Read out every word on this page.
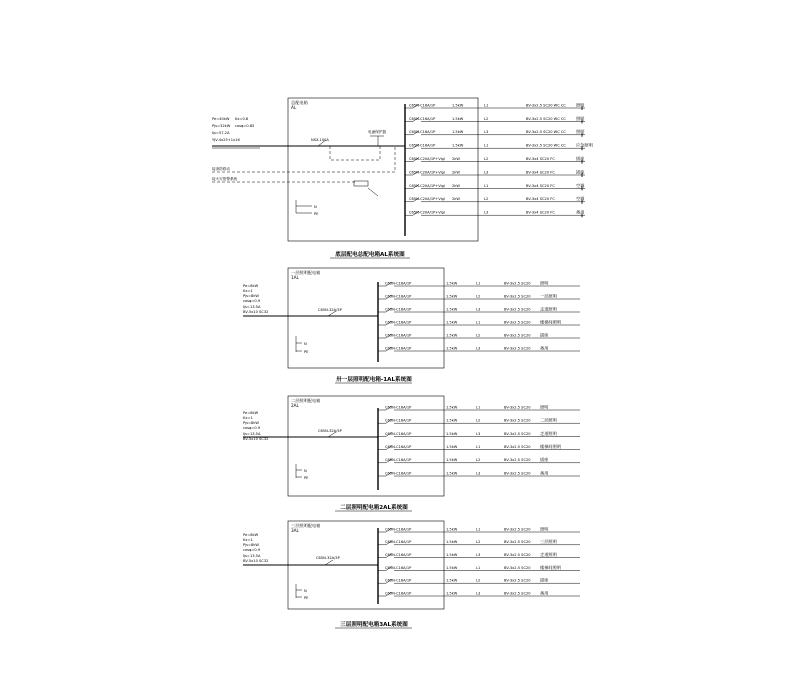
总配电箱
AL
Pe=40kW Kx=0.8
Pjs=32kW cosφ=0.85
Ijs=57.2A
YJV-4x25+1x16	NSX-100A
电涌保护器
接消防联动
接火灾报警系统
N
PE
C65N-C16A/1P	1.5kW	L1	BV-3x2.5 SC20 WC CC 照明
C65N-C16A/1P	1.5kW	L2	BV-3x2.5 SC20 WC CC 照明
C65N-C16A/1P	1.5kW	L3	BV-3x2.5 SC20 WC CC 照明
C65N-C16A/1P	1.5kW	L1	BV-3x2.5 SC20 WC CC 应急照明
C65N-C20A/1P+Vigi 2kW	L2	BV-3x4 SC20 FC	插座
C65N-C20A/1P+Vigi 2kW	L3	BV-3x4 SC20 FC	插座
C65N-C20A/1P+Vigi 2kW	L1	BV-3x4 SC20 FC	空调
C65N-C20A/1P+Vigi 2kW	L2	BV-3x4 SC20 FC	空调
C65N-C20A/1P+Vigi	L3	BV-3x4 SC20 FC	备用
底层配电总配电箱AL系统图
一层照明配电箱
1AL
Pe=8kW
Kx=1
Pjs=8kW
cosφ=0.9
Ijs=13.5A
BV-5x10 SC32	C65N-32A/3P
N
PE
C65N-C16A/1P	1.5kW	L1	BV-3x2.5 SC20 照明
C65N-C16A/1P	1.5kW	L2	BV-3x2.5 SC20 一层照明
C65N-C16A/1P	1.5kW	L3	BV-3x2.5 SC20 走道照明
C65N-C16A/1P	1.5kW	L1	BV-3x2.5 SC20 楼梯间照明
C65N-C16A/1P	1.5kW	L2	BV-3x2.5 SC20 插座
C65N-C16A/1P	1.5kW	L3	BV-3x2.5 SC20 备用
卅一层照明配电箱-1AL系统图
二层照明配电箱
2AL
Pe=8kW
Kx=1
Pjs=8kW
cosφ=0.9
Ijs=13.5A
BV-5x10 SC32
C65N-32A/3P
N
PE
C65N-C16A/1P	1.5kW	L1	BV-3x2.5 SC20 照明
C65N-C16A/1P	1.5kW	L2	BV-3x2.5 SC20 二层照明
C65N-C16A/1P	1.5kW	L3	BV-3x2.5 SC20 走道照明
C65N-C16A/1P	1.5kW	L1	BV-3x2.5 SC20 楼梯间照明
C65N-C16A/1P	1.5kW	L2	BV-3x2.5 SC20 插座
C65N-C16A/1P	1.5kW	L3	BV-3x2.5 SC20 备用
二层照明配电箱2AL系统图
三层照明配电箱
3AL
Pe=8kW
Kx=1
Pjs=8kW
cosφ=0.9
Ijs=13.5A
BV-5x10 SC32
C65N-32A/3P
N
PE
C65N-C16A/1P	1.5kW	L1	BV-3x2.5 SC20 照明
C65N-C16A/1P	1.5kW	L2	BV-3x2.5 SC20 三层照明
C65N-C16A/1P	1.5kW	L3	BV-3x2.5 SC20 走道照明
C65N-C16A/1P	1.5kW	L1	BV-3x2.5 SC20 楼梯间照明
C65N-C16A/1P	1.5kW	L2	BV-3x2.5 SC20 插座
C65N-C16A/1P	1.5kW	L3	BV-3x2.5 SC20 备用
三层照明配电箱3AL系统图
